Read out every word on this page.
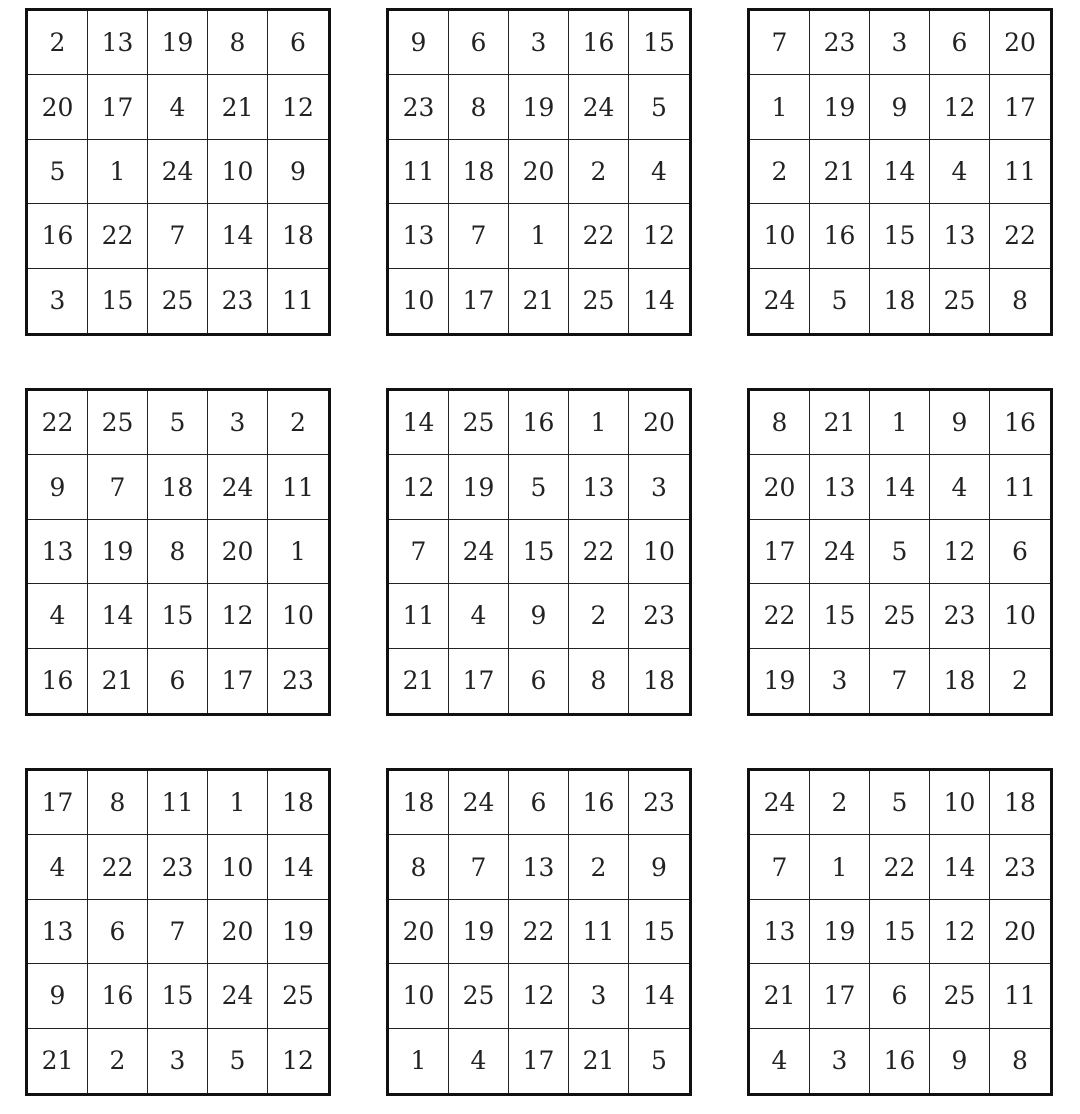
2	13	19	8	6
20	17	4	21	12
5	1	24	10	9
16	22	7	14	18
3	15	25	23	11
9	6	3	16	15
23	8	19	24	5
11	18	20	2	4
13	7	1	22	12
10	17	21	25	14
7	23	3	6	20
1	19	9	12	17
2	21	14	4	11
10	16	15	13	22
24	5	18	25	8
22	25	5	3	2
9	7	18	24	11
13	19	8	20	1
4	14	15	12	10
16	21	6	17	23
14	25	16	1	20
12	19	5	13	3
7	24	15	22	10
11	4	9	2	23
21	17	6	8	18
8	21	1	9	16
20	13	14	4	11
17	24	5	12	6
22	15	25	23	10
19	3	7	18	2
17	8	11	1	18
4	22	23	10	14
13	6	7	20	19
9	16	15	24	25
21	2	3	5	12
18	24	6	16	23
8	7	13	2	9
20	19	22	11	15
10	25	12	3	14
1	4	17	21	5
24	2	5	10	18
7	1	22	14	23
13	19	15	12	20
21	17	6	25	11
4	3	16	9	8
